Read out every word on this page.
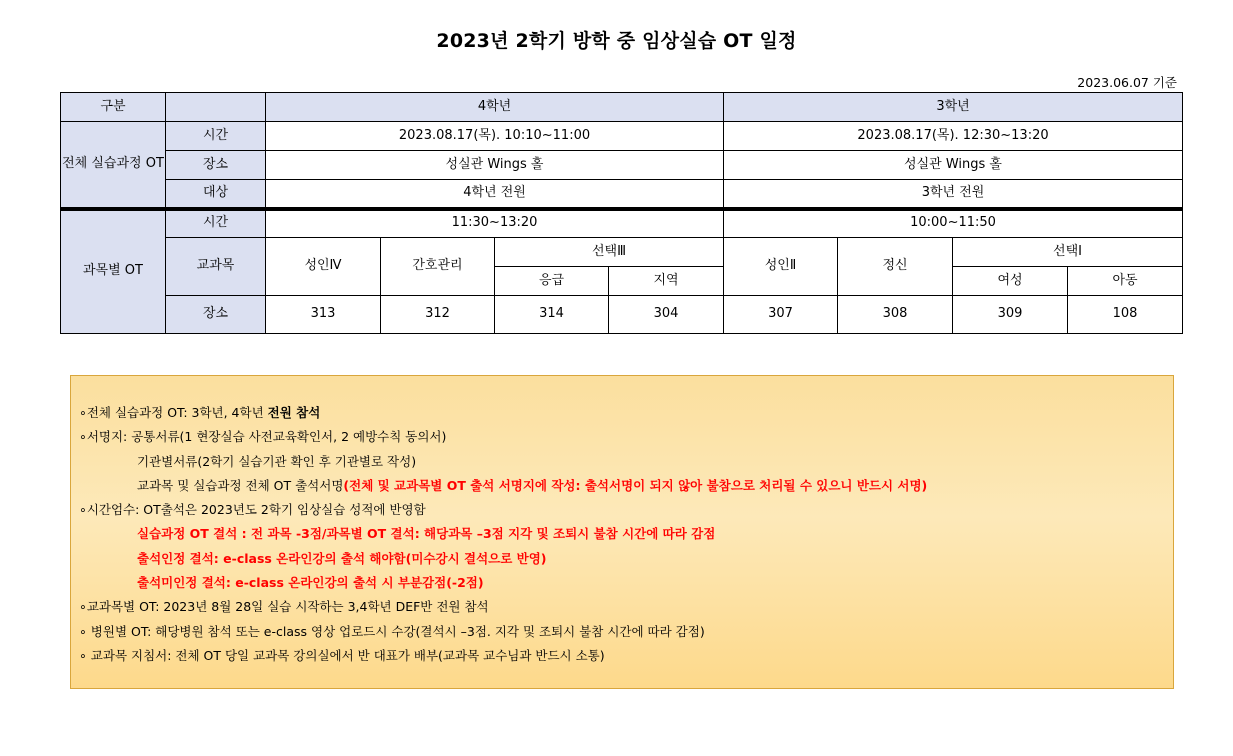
2023년 2학기 방학 중 임상실습 OT 일정
2023.06.07 기준
구분		4학년				3학년			
전체 실습과정 OT	시간	2023.08.17(목). 10:10~11:00				2023.08.17(목). 12:30~13:20			
	장소	성실관 Wings 홀				성실관 Wings 홀			
	대상	4학년 전원				3학년 전원			
과목별 OT	시간	11:30~13:20				10:00~11:50			
	교과목	성인Ⅳ	간호관리	선택Ⅲ		성인Ⅱ	정신	선택Ⅰ	
				응급	지역			여성	아동
	장소	313	312	314	304	307	308	309	108
∘전체 실습과정 OT: 3학년, 4학년 전원 참석
∘서명지: 공통서류(1 현장실습 사전교육확인서, 2 예방수칙 동의서)
기관별서류(2학기 실습기관 확인 후 기관별로 작성)
교과목 및 실습과정 전체 OT 출석서명(전체 및 교과목별 OT 출석 서명지에 작성: 출석서명이 되지 않아 불참으로 처리될 수 있으니 반드시 서명)
∘시간엄수: OT출석은 2023년도 2학기 임상실습 성적에 반영함
실습과정 OT 결석 : 전 과목 -3점/과목별 OT 결석: 해당과목 –3점 지각 및 조퇴시 불참 시간에 따라 감점
출석인정 결석: e-class 온라인강의 출석 해야함(미수강시 결석으로 반영)
출석미인정 결석: e-class 온라인강의 출석 시 부분감점(-2점)
∘교과목별 OT: 2023년 8월 28일 실습 시작하는 3,4학년 DEF반 전원 참석
∘ 병원별 OT: 해당병원 참석 또는 e-class 영상 업로드시 수강(결석시 –3점. 지각 및 조퇴시 불참 시간에 따라 감점)
∘ 교과목 지침서: 전체 OT 당일 교과목 강의실에서 반 대표가 배부(교과목 교수님과 반드시 소통)
